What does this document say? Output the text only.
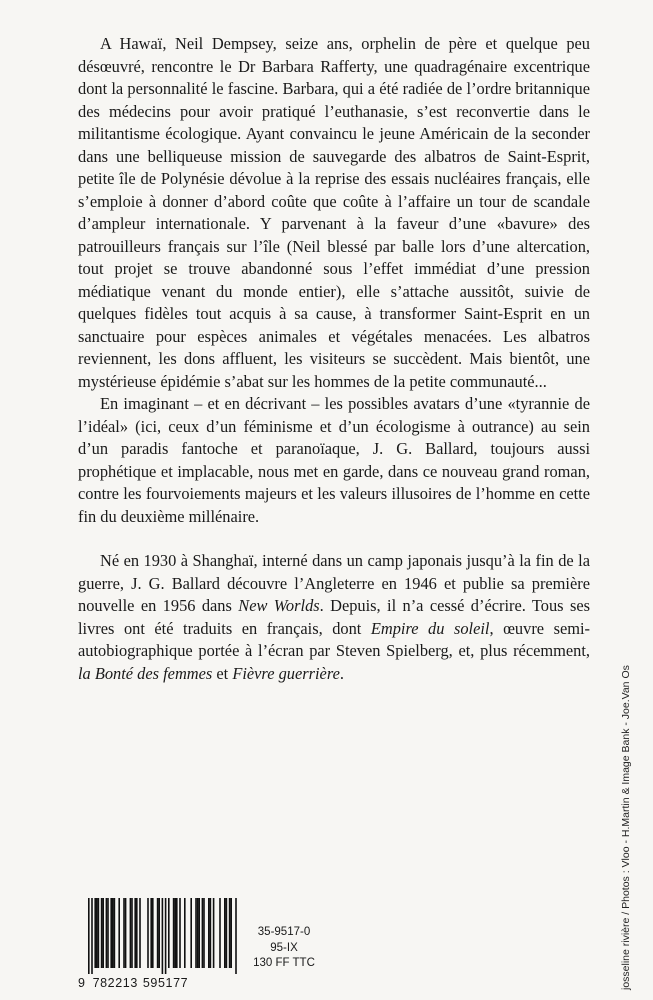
A Hawaï, Neil Dempsey, seize ans, orphelin de père et quelque peu désœuvré, rencontre le Dr Barbara Rafferty, une quadragénaire excentrique dont la personnalité le fascine. Barbara, qui a été radiée de l’ordre britannique des médecins pour avoir pratiqué l’euthanasie, s’est reconvertie dans le militantisme écologique. Ayant convaincu le jeune Américain de la seconder dans une belliqueuse mission de sauvegarde des albatros de Saint-Esprit, petite île de Polynésie dévolue à la reprise des essais nucléaires français, elle s’emploie à donner d’abord coûte que coûte à l’affaire un tour de scandale d’ampleur internationale. Y parvenant à la faveur d’une «bavure» des patrouilleurs français sur l’île (Neil blessé par balle lors d’une altercation, tout projet se trouve abandonné sous l’effet immédiat d’une pression médiatique venant du monde entier), elle s’attache aussitôt, suivie de quelques fidèles tout acquis à sa cause, à transformer Saint-Esprit en un sanctuaire pour espèces animales et végétales menacées. Les albatros reviennent, les dons affluent, les visiteurs se succèdent. Mais bientôt, une mystérieuse épidémie s’abat sur les hommes de la petite communauté...

En imaginant – et en décrivant – les possibles avatars d’une «tyrannie de l’idéal» (ici, ceux d’un féminisme et d’un écologisme à outrance) au sein d’un paradis fantoche et paranoïaque, J. G. Ballard, toujours aussi prophétique et implacable, nous met en garde, dans ce nouveau grand roman, contre les fourvoiements majeurs et les valeurs illusoires de l’homme en cette fin du deuxième millénaire.

Né en 1930 à Shanghaï, interné dans un camp japonais jusqu’à la fin de la guerre, J. G. Ballard découvre l’Angleterre en 1946 et publie sa première nouvelle en 1956 dans New Worlds. Depuis, il n’a cessé d’écrire. Tous ses livres ont été traduits en français, dont Empire du soleil, œuvre semi-autobiographique portée à l’écran par Steven Spielberg, et, plus récemment, la Bonté des femmes et Fièvre guerrière.

9 782213 595177
35-9517-0
95-IX
130 FF TTC	josseline rivière / Photos : Vloo - H.Martin & Image Bank - Joe.Van Os
